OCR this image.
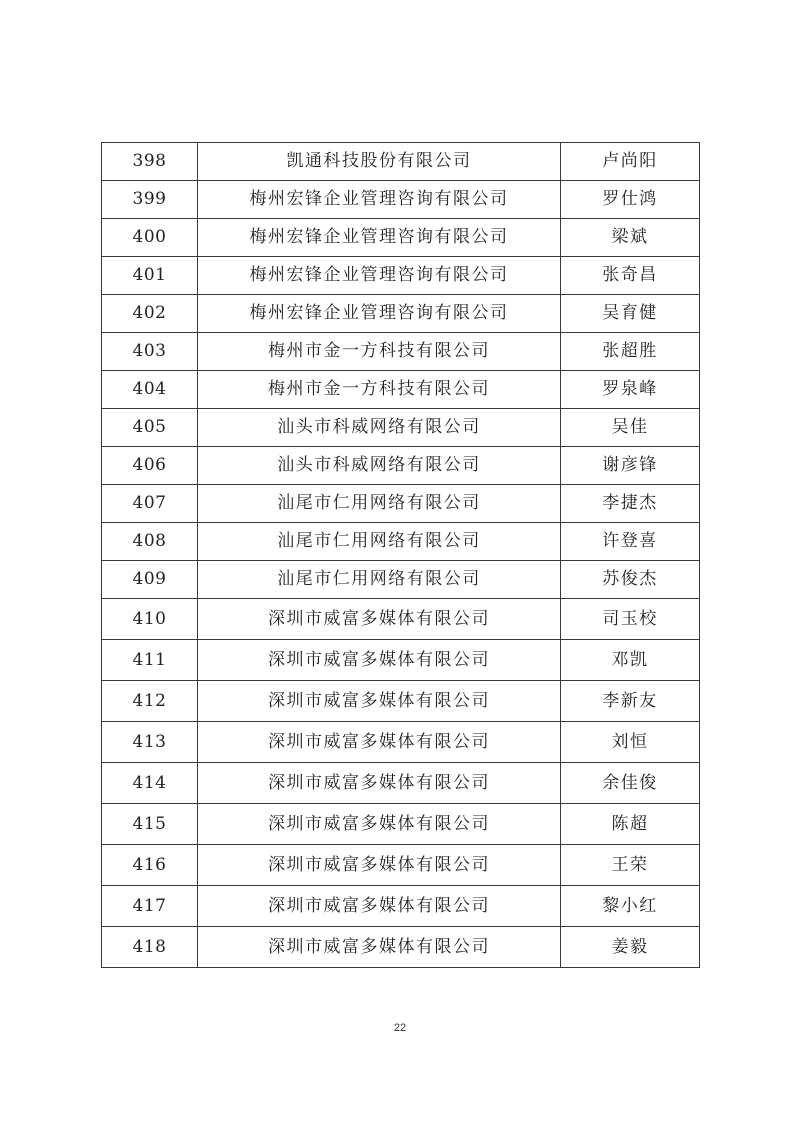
398	凯通科技股份有限公司	卢尚阳
399	梅州宏锋企业管理咨询有限公司	罗仕鸿
400	梅州宏锋企业管理咨询有限公司	梁斌
401	梅州宏锋企业管理咨询有限公司	张奇昌
402	梅州宏锋企业管理咨询有限公司	吴育健
403	梅州市金一方科技有限公司	张超胜
404	梅州市金一方科技有限公司	罗泉峰
405	汕头市科威网络有限公司	吴佳
406	汕头市科威网络有限公司	谢彦锋
407	汕尾市仁用网络有限公司	李捷杰
408	汕尾市仁用网络有限公司	许登喜
409	汕尾市仁用网络有限公司	苏俊杰
410	深圳市威富多媒体有限公司	司玉校
411	深圳市威富多媒体有限公司	邓凯
412	深圳市威富多媒体有限公司	李新友
413	深圳市威富多媒体有限公司	刘恒
414	深圳市威富多媒体有限公司	余佳俊
415	深圳市威富多媒体有限公司	陈超
416	深圳市威富多媒体有限公司	王荣
417	深圳市威富多媒体有限公司	黎小红
418	深圳市威富多媒体有限公司	姜毅
22
